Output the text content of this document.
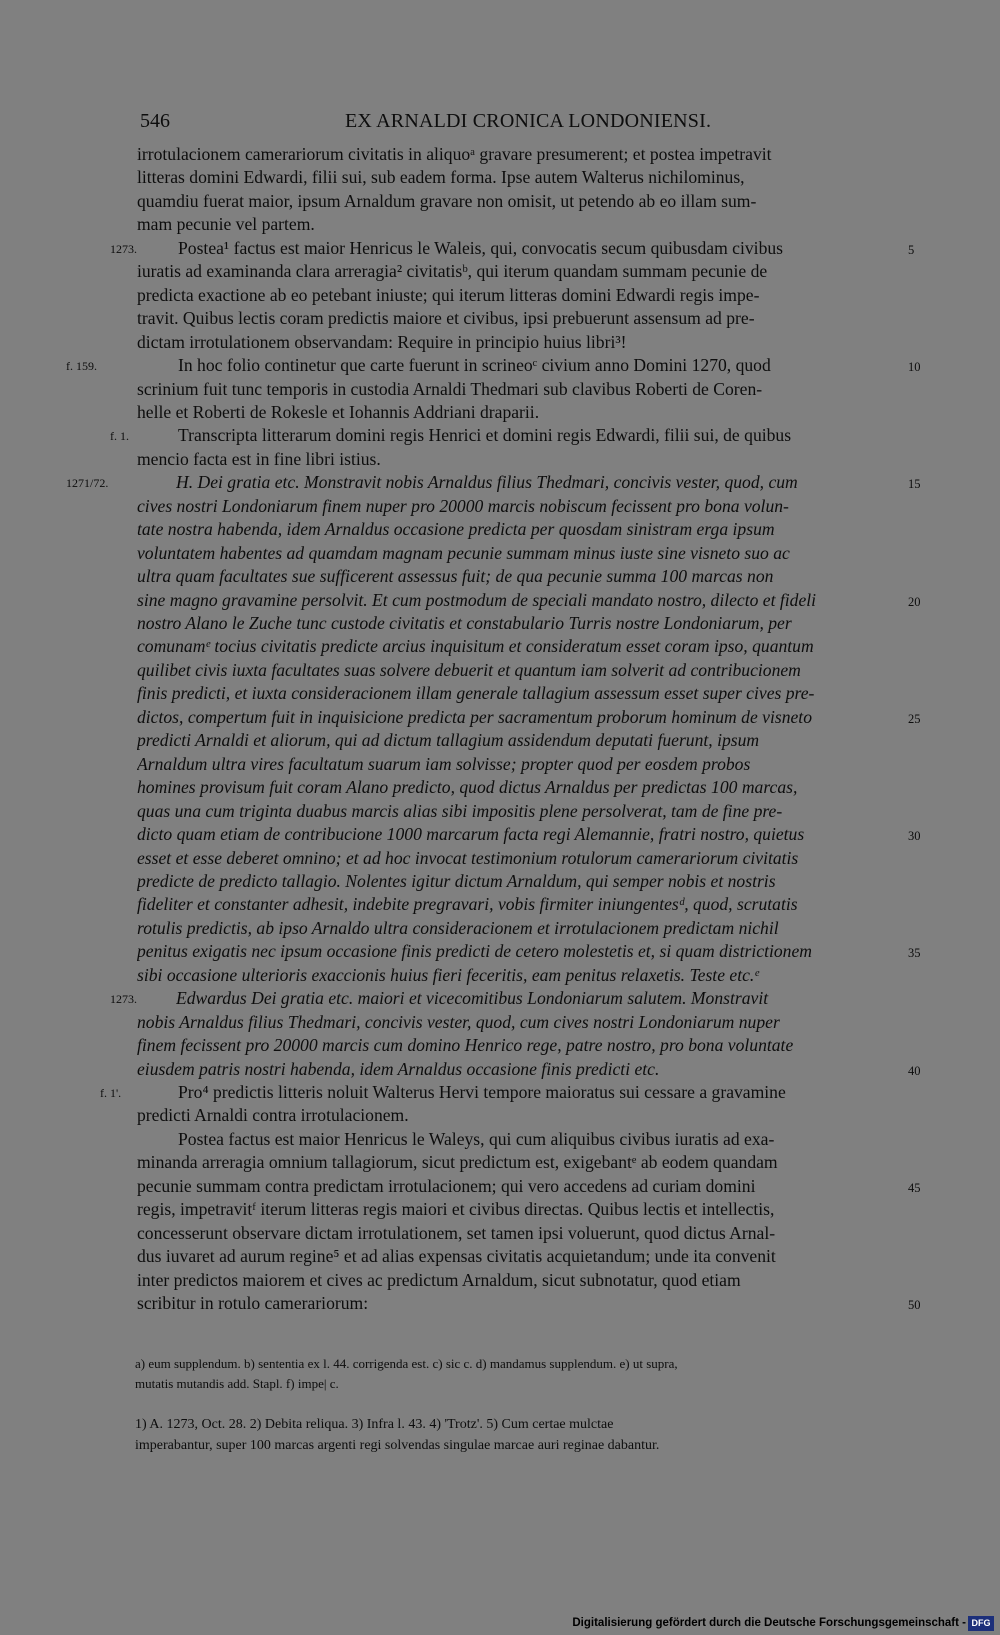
546	EX ARNALDI CRONICA LONDONIENSI.
irrotulacionem camerariorum civitatis in aliquoᵃ gravare presumerent; et postea impetravit
litteras domini Edwardi, filii sui, sub eadem forma. Ipse autem Walterus nichilominus,
quamdiu fuerat maior, ipsum Arnaldum gravare non omisit, ut petendo ab eo illam sum-
mam pecunie vel partem.
1273. Postea¹ factus est maior Henricus le Waleis, qui, convocatis secum quibusdam civibus	5
iuratis ad examinanda clara arreragia² civitatisᵇ, qui iterum quandam summam pecunie de
predicta exactione ab eo petebant iniuste; qui iterum litteras domini Edwardi regis impe-
travit. Quibus lectis coram predictis maiore et civibus, ipsi prebuerunt assensum ad pre-
dictam irrotulationem observandam: Require in principio huius libri³!
f. 159.	In hoc folio continetur que carte fuerunt in scrineoᶜ civium anno Domini 1270, quod	10
scrinium fuit tunc temporis in custodia Arnaldi Thedmari sub clavibus Roberti de Coren-
helle et Roberti de Rokesle et Iohannis Addriani draparii.
f. 1.	Transcripta litterarum domini regis Henrici et domini regis Edwardi, filii sui, de quibus
mencio facta est in fine libri istius.
1271/72.	H. Dei gratia etc. Monstravit nobis Arnaldus filius Thedmari, concivis vester, quod, cum	15
cives nostri Londoniarum finem nuper pro 20000 marcis nobiscum fecissent pro bona volun-
tate nostra habenda, idem Arnaldus occasione predicta per quosdam sinistram erga ipsum
voluntatem habentes ad quamdam magnam pecunie summam minus iuste sine visneto suo ac
ultra quam facultates sue sufficerent assessus fuit; de qua pecunie summa 100 marcas non
sine magno gravamine persolvit. Et cum postmodum de speciali mandato nostro, dilecto et fideli	20
nostro Alano le Zuche tunc custode civitatis et constabulario Turris nostre Londoniarum, per
comunamᵉ tocius civitatis predicte arcius inquisitum et consideratum esset coram ipso, quantum
quilibet civis iuxta facultates suas solvere debuerit et quantum iam solverit ad contribucionem
finis predicti, et iuxta consideracionem illam generale tallagium assessum esset super cives pre-
dictos, compertum fuit in inquisicione predicta per sacramentum proborum hominum de visneto	25
predicti Arnaldi et aliorum, qui ad dictum tallagium assidendum deputati fuerunt, ipsum
Arnaldum ultra vires facultatum suarum iam solvisse; propter quod per eosdem probos
homines provisum fuit coram Alano predicto, quod dictus Arnaldus per predictas 100 marcas,
quas una cum triginta duabus marcis alias sibi impositis plene persolverat, tam de fine pre-
dicto quam etiam de contribucione 1000 marcarum facta regi Alemannie, fratri nostro, quietus	30
esset et esse deberet omnino; et ad hoc invocat testimonium rotulorum camerariorum civitatis
predicte de predicto tallagio. Nolentes igitur dictum Arnaldum, qui semper nobis et nostris
fideliter et constanter adhesit, indebite pregravari, vobis firmiter iniungentesᵈ, quod, scrutatis
rotulis predictis, ab ipso Arnaldo ultra consideracionem et irrotulacionem predictam nichil
penitus exigatis nec ipsum occasione finis predicti de cetero molestetis et, si quam districtionem	35
sibi occasione ulterioris exaccionis huius fieri feceritis, eam penitus relaxetis. Teste etc.ᵉ
1273. Edwardus Dei gratia etc. maiori et vicecomitibus Londoniarum salutem. Monstravit
nobis Arnaldus filius Thedmari, concivis vester, quod, cum cives nostri Londoniarum nuper
finem fecissent pro 20000 marcis cum domino Henrico rege, patre nostro, pro bona voluntate
eiusdem patris nostri habenda, idem Arnaldus occasione finis predicti etc.	40
f. 1'.	Pro⁴ predictis litteris noluit Walterus Hervi tempore maioratus sui cessare a gravamine
predicti Arnaldi contra irrotulacionem.
Postea factus est maior Henricus le Waleys, qui cum aliquibus civibus iuratis ad exa-
minanda arreragia omnium tallagiorum, sicut predictum est, exigebantᵉ ab eodem quandam
pecunie summam contra predictam irrotulacionem; qui vero accedens ad curiam domini	45
regis, impetravitᶠ iterum litteras regis maiori et civibus directas. Quibus lectis et intellectis,
concesserunt observare dictam irrotulationem, set tamen ipsi voluerunt, quod dictus Arnal-
dus iuvaret ad aurum regine⁵ et ad alias expensas civitatis acquietandum; unde ita convenit
inter predictos maiorem et cives ac predictum Arnaldum, sicut subnotatur, quod etiam
scribitur in rotulo camerariorum:	50
a) eum supplendum. b) sententia ex l. 44. corrigenda est. c) sic c. d) mandamus supplendum. e) ut supra,
mutatis mutandis add. Stapl. f) impe| c.
1) A. 1273, Oct. 28. 2) Debita reliqua. 3) Infra l. 43. 4) 'Trotz'. 5) Cum certae mulctae
imperabantur, super 100 marcas argenti regi solvendas singulae marcae auri reginae dabantur.
Digitalisierung gefördert durch die Deutsche Forschungsgemeinschaft - DFG
